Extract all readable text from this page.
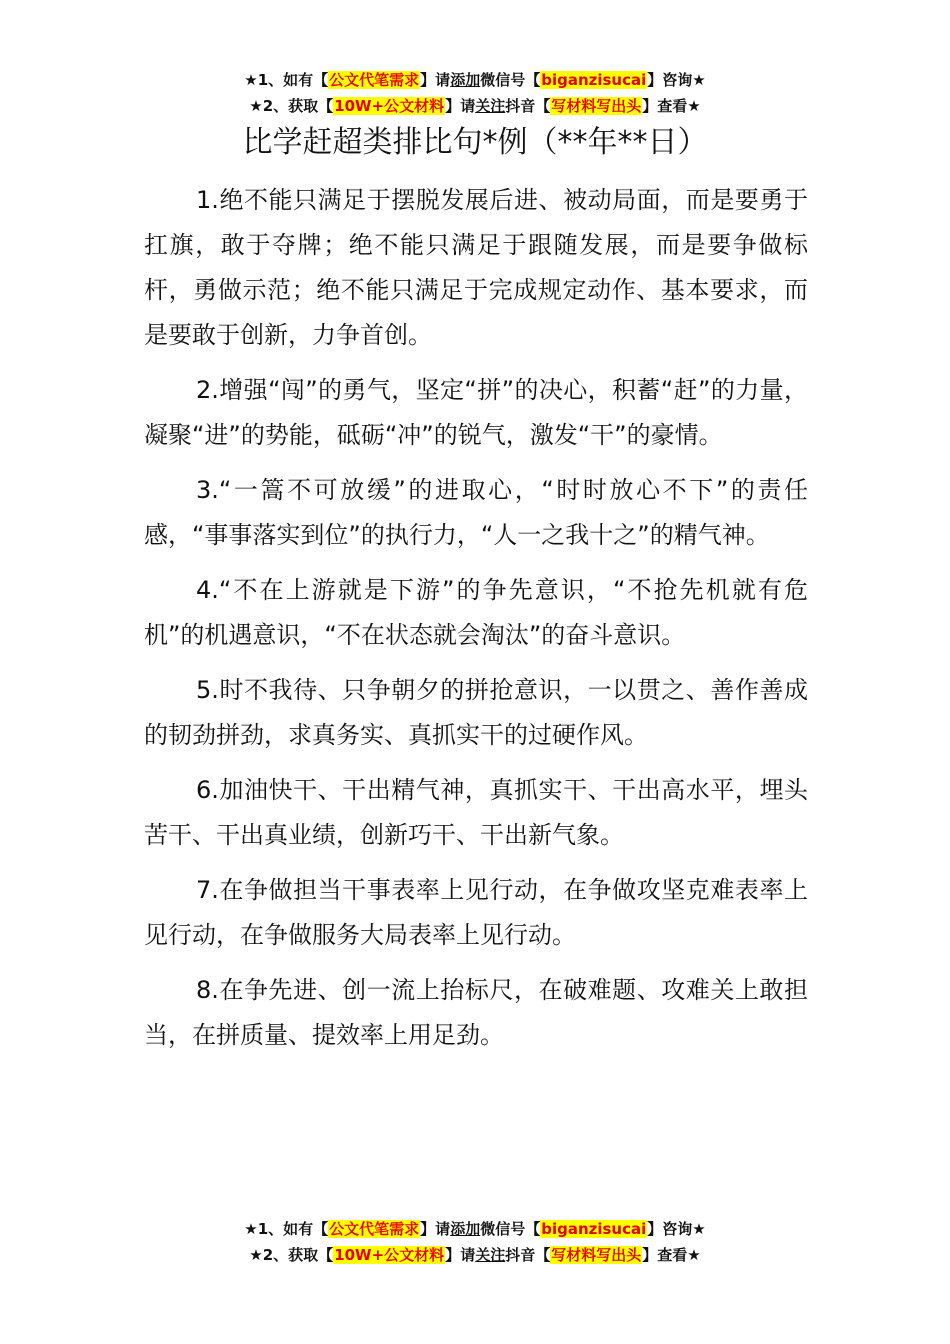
★1、如有【公文代笔需求】请添加微信号【biganzisucai】咨询★
★2、获取【10W+公文材料】请关注抖音【写材料写出头】查看★
比学赶超类排比句*例（**年**日）

1.绝不能只满足于摆脱发展后进、被动局面，而是要勇于扛旗，敢于夺牌；绝不能只满足于跟随发展，而是要争做标杆，勇做示范；绝不能只满足于完成规定动作、基本要求，而是要敢于创新，力争首创。

2.增强“闯”的勇气，坚定“拼”的决心，积蓄“赶”的力量，凝聚“进”的势能，砥砺“冲”的锐气，激发“干”的豪情。

3.“一篙不可放缓”的进取心，“时时放心不下”的责任感，“事事落实到位”的执行力，“人一之我十之”的精气神。

4.“不在上游就是下游”的争先意识，“不抢先机就有危机”的机遇意识，“不在状态就会淘汰”的奋斗意识。

5.时不我待、只争朝夕的拼抢意识，一以贯之、善作善成的韧劲拼劲，求真务实、真抓实干的过硬作风。

6.加油快干、干出精气神，真抓实干、干出高水平，埋头苦干、干出真业绩，创新巧干、干出新气象。

7.在争做担当干事表率上见行动，在争做攻坚克难表率上见行动，在争做服务大局表率上见行动。

8.在争先进、创一流上抬标尺，在破难题、攻难关上敢担当，在拼质量、提效率上用足劲。

★1、如有【公文代笔需求】请添加微信号【biganzisucai】咨询★
★2、获取【10W+公文材料】请关注抖音【写材料写出头】查看★
